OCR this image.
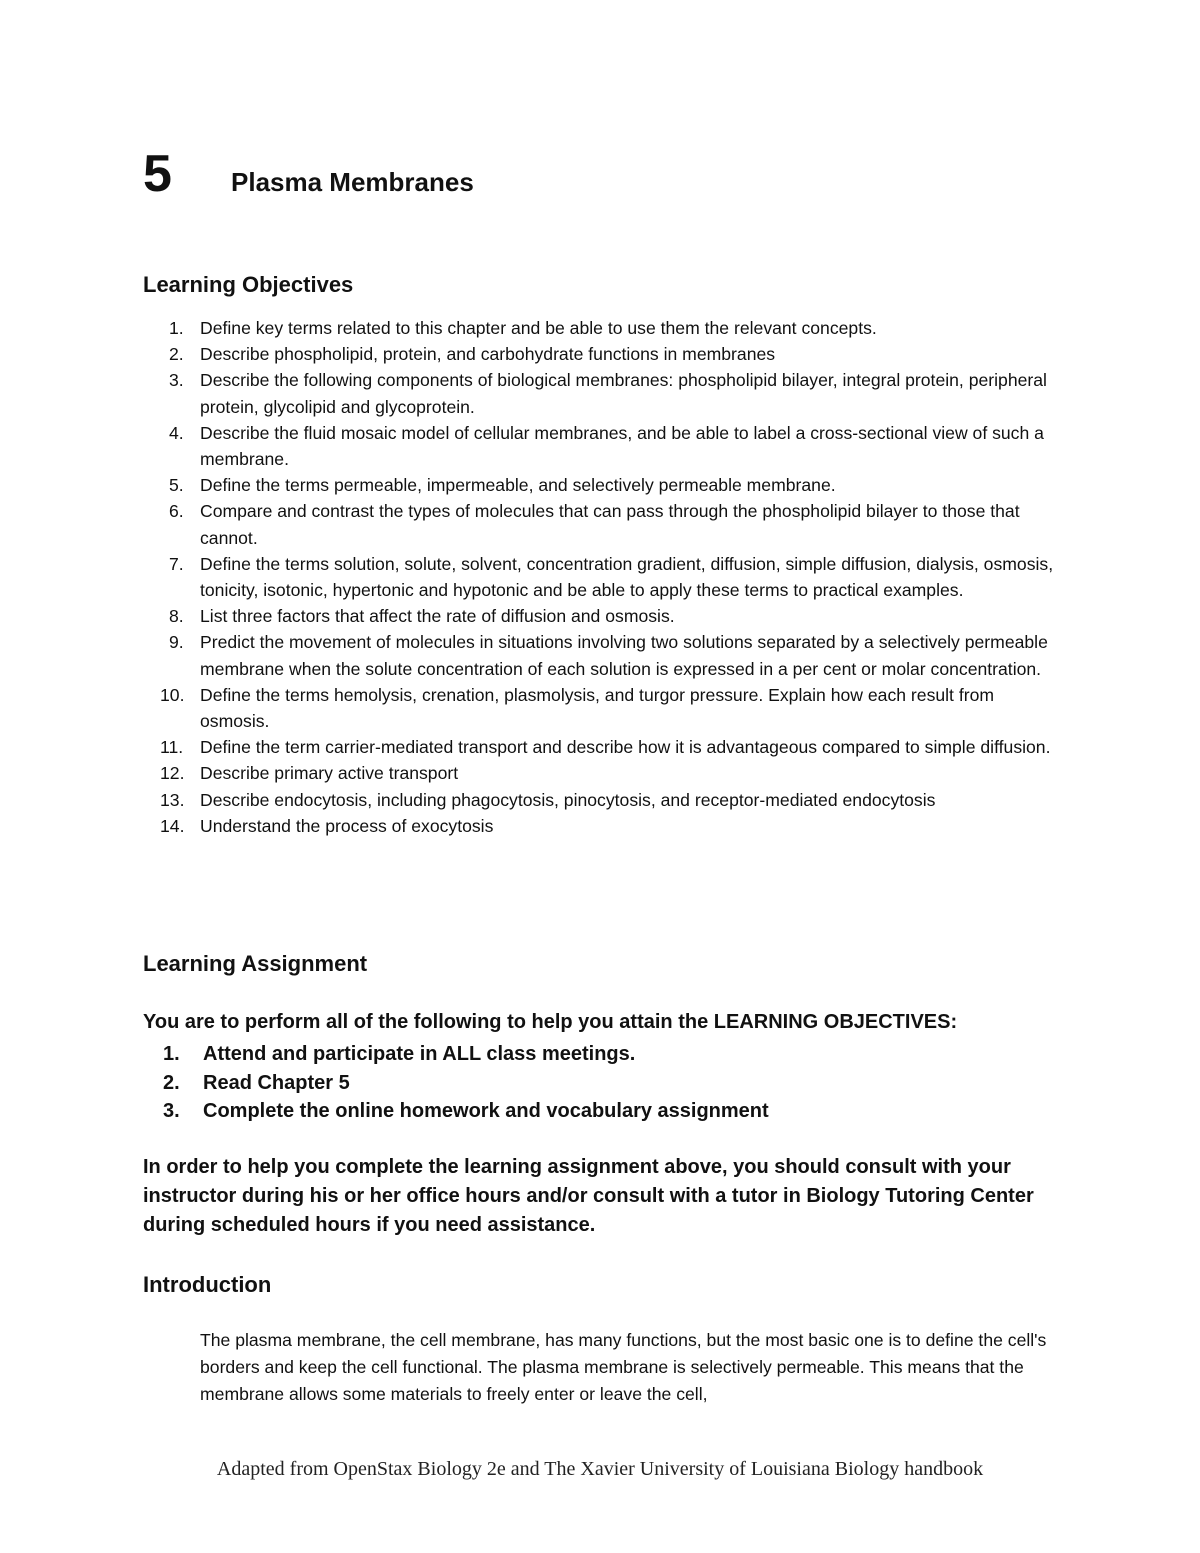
5	Plasma Membranes
Learning Objectives
1. Define key terms related to this chapter and be able to use them the relevant concepts.
2. Describe phospholipid, protein, and carbohydrate functions in membranes
3. Describe the following components of biological membranes: phospholipid bilayer, integral protein, peripheral protein, glycolipid and glycoprotein.
4. Describe the fluid mosaic model of cellular membranes, and be able to label a cross-sectional view of such a membrane.
5. Define the terms permeable, impermeable, and selectively permeable membrane.
6. Compare and contrast the types of molecules that can pass through the phospholipid bilayer to those that cannot.
7. Define the terms solution, solute, solvent, concentration gradient, diffusion, simple diffusion, dialysis, osmosis, tonicity, isotonic, hypertonic and hypotonic and be able to apply these terms to practical examples.
8. List three factors that affect the rate of diffusion and osmosis.
9. Predict the movement of molecules in situations involving two solutions separated by a selectively permeable membrane when the solute concentration of each solution is expressed in a per cent or molar concentration.
10. Define the terms hemolysis, crenation, plasmolysis, and turgor pressure. Explain how each result from osmosis.
11. Define the term carrier-mediated transport and describe how it is advantageous compared to simple diffusion.
12. Describe primary active transport
13. Describe endocytosis, including phagocytosis, pinocytosis, and receptor-mediated endocytosis
14. Understand the process of exocytosis
Learning Assignment

You are to perform all of the following to help you attain the LEARNING OBJECTIVES:

1.	Attend and participate in ALL class meetings.
2.	Read Chapter 5
3.	Complete the online homework and vocabulary assignment

In order to help you complete the learning assignment above, you should consult with your instructor during his or her office hours and/or consult with a tutor in Biology Tutoring Center during scheduled hours if you need assistance.

Introduction

The plasma membrane, the cell membrane, has many functions, but the most basic one is to define the cell's borders and keep the cell functional. The plasma membrane is selectively permeable. This means that the membrane allows some materials to freely enter or leave the cell,

Adapted from OpenStax Biology 2e and The Xavier University of Louisiana Biology handbook
